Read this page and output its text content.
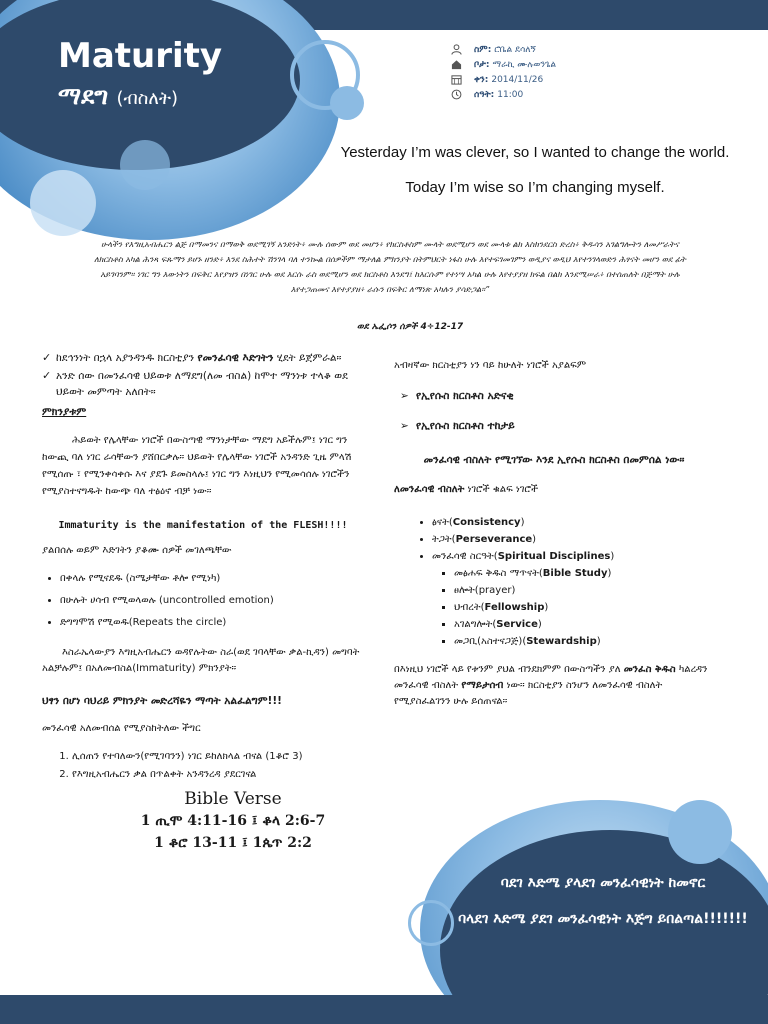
Maturity
ማደግ (ብስለት)
ስም: ሮቤል ደሳለኝ
ቦታ: ማራኪ ሙሉወንጌል
ቀን: 2014/11/26
ሰዓት: 11:00
Yesterday I’m was clever, so I wanted to change the world.
Today I’m wise so I’m changing myself.
ሁላችን የእግዚአብሔርን ልጅ በማመንና በማወቅ ወደሚገኝ አንድነት፥ ሙሉ ሰውም ወደ መሆን፥ የክርስቶስም ሙላት ወደሚሆን ወደ ሙላቱ ልክ እስክንደርስ ድረስ፥ ቅዱሳን አገልግሎትን ለመሥራትና ለክርስቶስ አካል ሕንጻ ፍጹማን ይሆኑ ዘንድ፥ እንደ ስሕተት ሽንገላ ባለ ተንኰል በሰዎችም ማታለል ምክንያት በትምህርት ነፋስ ሁሉ እየተፍገመገምን ወዲያና ወዲህ እየተንገላወድን ሕፃናት መሆን ወደ ፊት አይገባንም። ነገር ግን እውነትን በፍቅር እየያዝን በነገር ሁሉ ወደ እርሱ ራስ ወደሚሆን ወደ ክርስቶስ እንደግ፤ ከእርሱም የተነሣ አካል ሁሉ እየተያያዘ ክፍል በልክ እንደሚሠራ፥ በተሰጠለት በጅማት ሁሉ እየተጋጠመና እየተያያዘ፥ ራሱን በፍቅር ለማነጽ አካሉን ያሳድጋል።”
ወደ ኤፌሶን ሰዎች 4÷12-17
✓ ከደኅንነት በኋላ አያንዳንዱ ክርስቲያን የመንፈሳዊ እድገትን ሂደት ይጀምራል።
✓ አንድ ሰው በመንፈሳዊ ህይወቱ ለማደግ(ለመ ብስል) ከሞተ ማንነቱ ተላቆ ወደ ህይወት መምጣት አለበት።
ምክንያቱም
ሕይወት የሌላቸው ነገሮች በውስጣዊ ማንነታቸው ማደግ አይችሉም፤ ነገር ግን ከውጪ ባለ ነገር ራሳቸውን ያሸበርቃሉ። ህይወት የሌላቸው ነገሮች አንዳንድ ጊዜ ምላሽ የሚሰጡ ፣ የሚንቀሳቀሱ እና ያደጉ ይመስላሉ፤ ነገር ግን እነዚህን የሚመሳሰሉ ነገሮችን የሚያስተናግዱት ከውጭ ባለ ተፅዕኖ ብቻ ነው።
Immaturity is the manifestation of the FLESH!!!!
ያልበሰሉ ወይም እድገትን ያቆሙ ሰዎች መገለጫቸው
• በቀላሉ የሚናደዱ (ስሜታቸው ቶሎ የሚነካ)
• በሁሉት ሀሳብ የሚወላወሉ (uncontrolled emotion)
• ድግግሞሽ የሚወዱ(Repeats the circle)
እስራኤላውያን እግዚአብሔርን ወዳየሉትው ስራ(ወደ ገባላቸው ቃል-ኪዳን) መግባት አልቻሉም፤ በአለመብስል(Immaturity) ምክንያት።
ህፃን በሆነ ባህሪይ ምክንያት መድረሻዬን ማጣት አልፈልግም!!!
መንፈሳዊ አለመብሰል የሚያስከትለው ችግር
1. ሊሰጠን የተባለውን(የሚገባንን) ነገር ይከለክላል ብናል (1ቆሮ 3)
2. የእግዚአብሔርን ቃል በጥልቀት አንዳንረዳ ያደርገናል
Bible Verse
1 ጢሞ 4:11-16 ፤ ቆላ 2:6-7
1 ቆሮ 13-11 ፤ 1ጴጥ 2:2
አብዛኛው ክርስቲያን ነን ባይ ከሁለት ነገሮች አያልፍም
➢ የኢየሱስ ክርስቶስ አድናቂ
➢ የኢየሱስ ክርስቶስ ተከታይ
መንፈሳዊ ብስለት የሚገኘው እንደ ኢየሱስ ክርስቶስ በመምሰል ነው።
ለመንፈሳዊ ብስለት ነገሮች ቁልፍ ነገሮች
• ፅናት(Consistency)
• ትጋት(Perseverance)
• መንፈሳዊ ስርዓት(Spiritual Disciplines)
▪ መፅሐፍ ቅዱስ ማጥናት(Bible Study)
▪ ፀሎት(prayer)
▪ ህብረት(Fellowship)
▪ አገልግሎት(Service)
▪ መጋቢ(አስተናጋጅ)(Stewardship)
በእነዚህ ነገሮች ላይ የቱንም ያህል ብንደክምም በውስጣችን ያለ መንፈስ ቅዱስ ካልረዳን መንፈሳዊ ብስለት የማይታሰብ ነው። ክርስቲያን ስንሆን ለመንፈሳዊ ብስለት የሚያስፈልገንን ሁሉ ይሰጠናል።

ባደገ እድሜ ያላደገ መንፈሳዊነት ከመኖር

ባላደገ እድሜ ያደገ መንፈሳዊነት እጅግ ይበልጣል!!!!!!!
